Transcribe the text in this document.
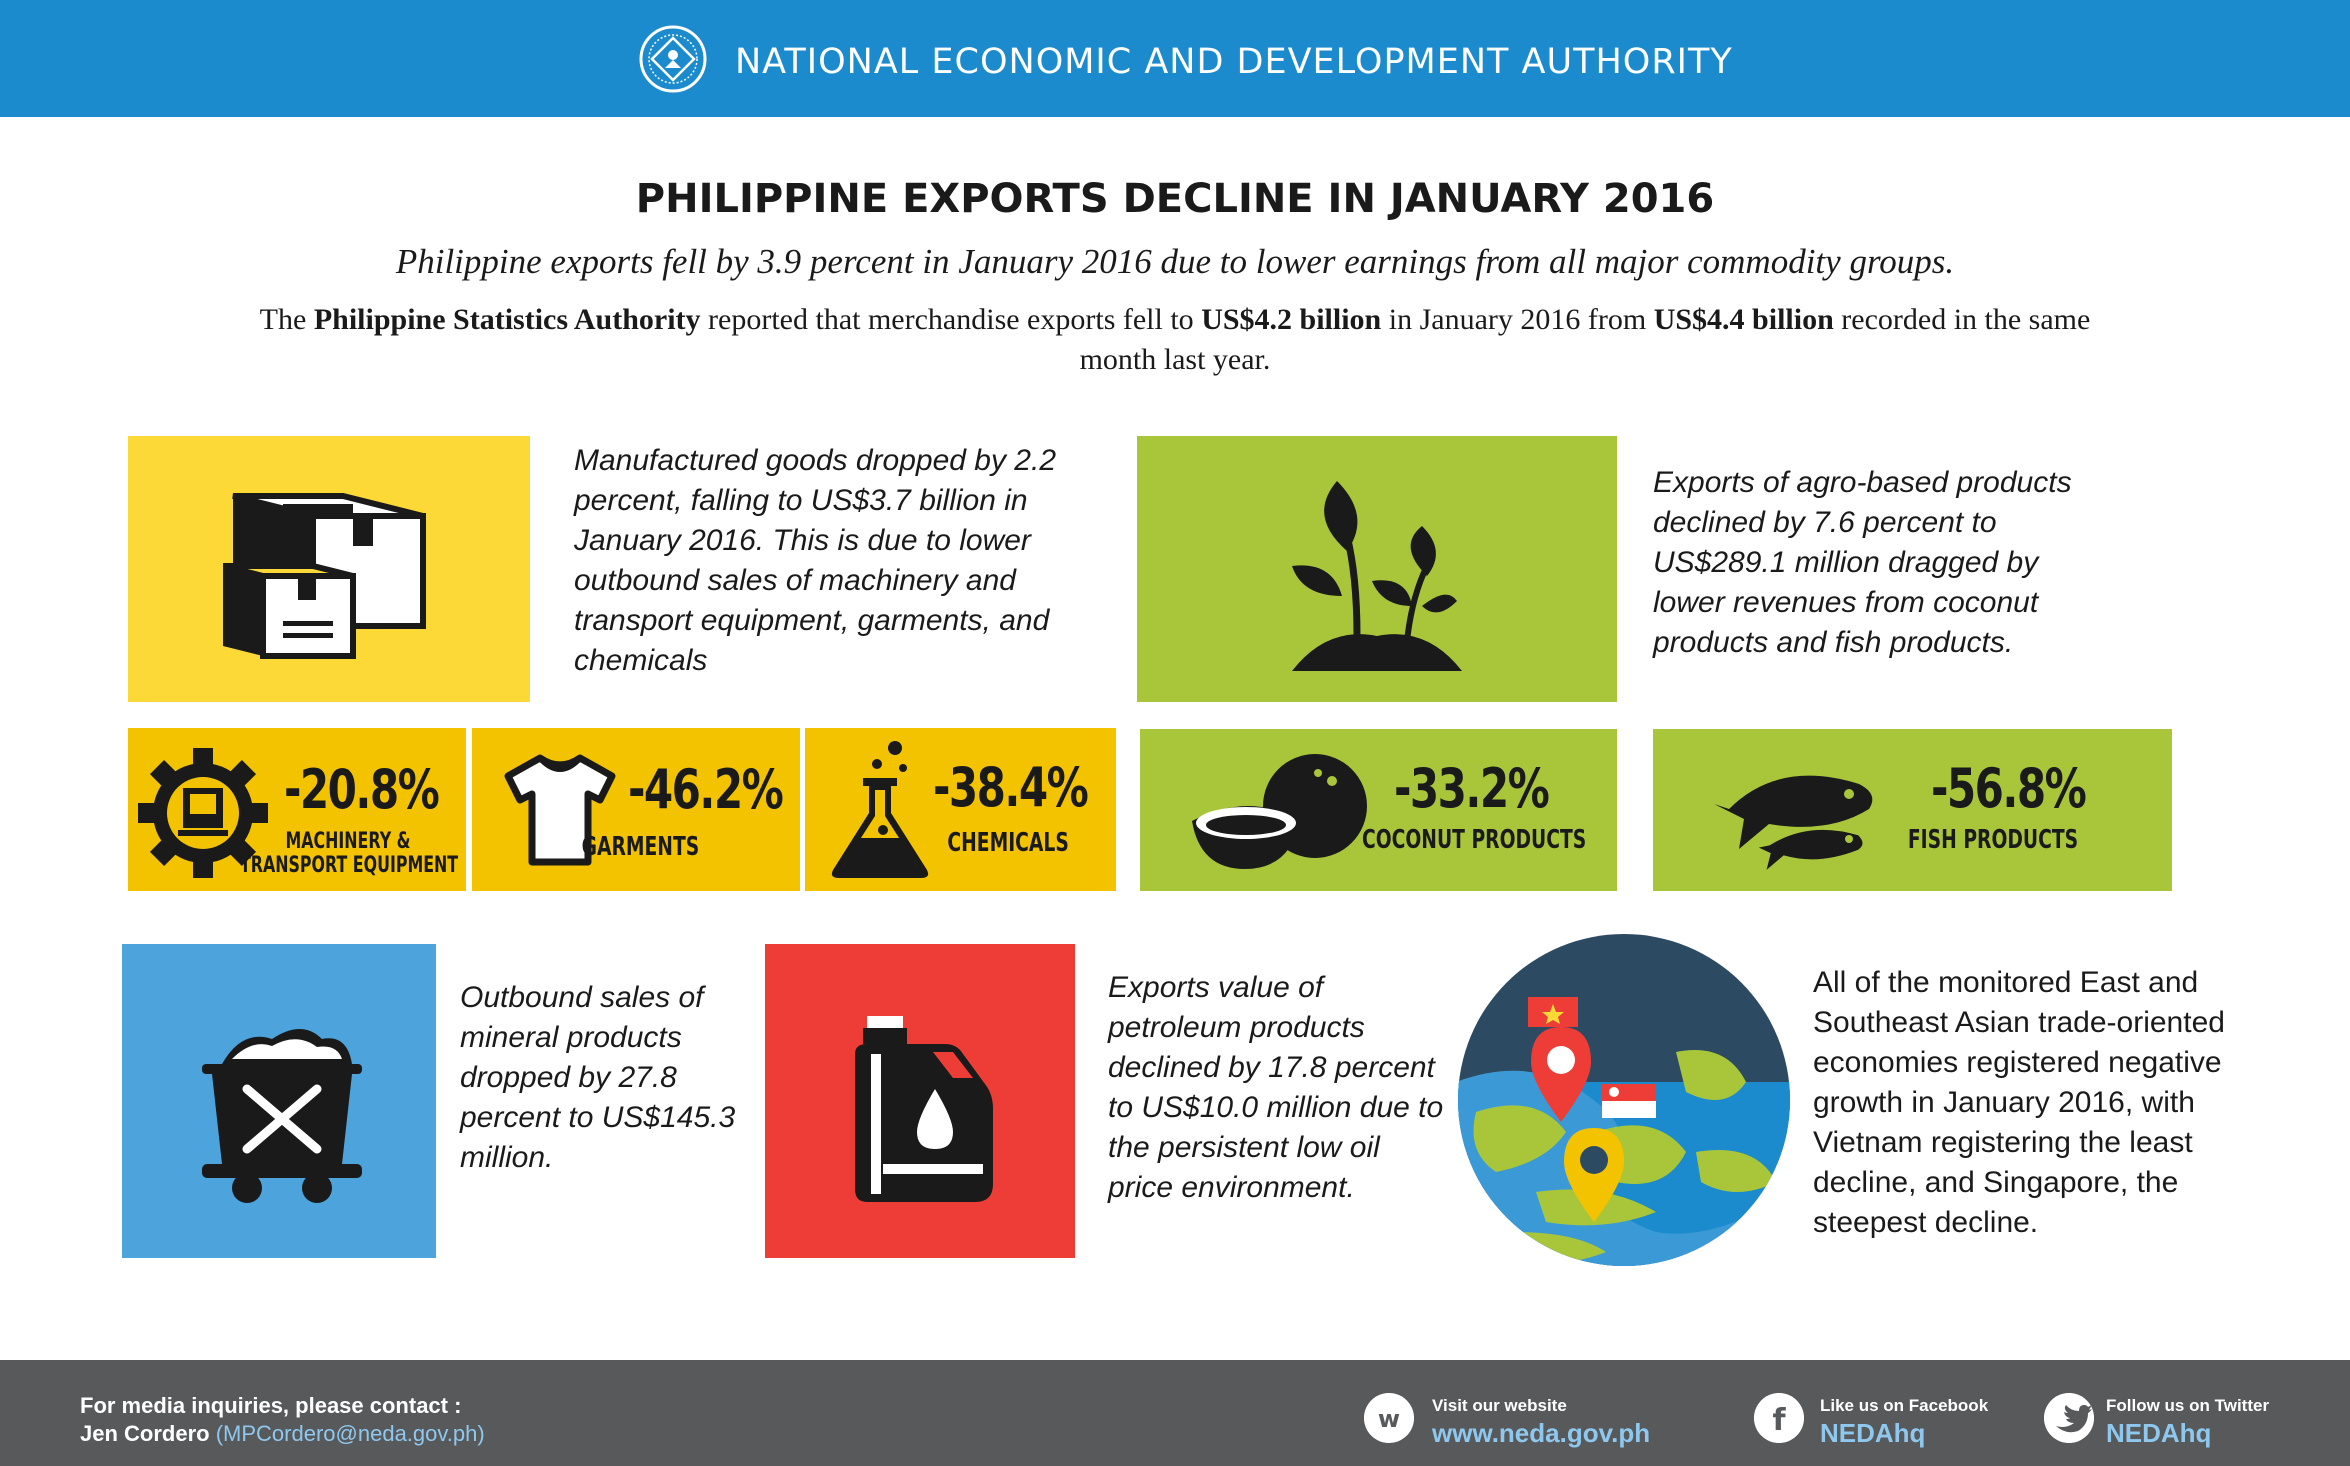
NATIONAL ECONOMIC AND DEVELOPMENT AUTHORITY
PHILIPPINE EXPORTS DECLINE IN JANUARY 2016
Philippine exports fell by 3.9 percent in January 2016 due to lower earnings from all major commodity groups.
The Philippine Statistics Authority reported that merchandise exports fell to US$4.2 billion in January 2016 from US$4.4 billion recorded in the same month last year.
Manufactured goods dropped by 2.2 percent, falling to US$3.7 billion in January 2016. This is due to lower outbound sales of machinery and transport equipment, garments, and chemicals
Exports of agro-based products declined by 7.6 percent to US$289.1 million dragged by lower revenues from coconut products and fish products.
-20.8%
MACHINERY &
TRANSPORT EQUIPMENT
-46.2%
GARMENTS
-38.4%
CHEMICALS
-33.2%
COCONUT PRODUCTS
-56.8%
FISH PRODUCTS
Outbound sales of mineral products dropped by 27.8 percent to US$145.3 million.
Exports value of petroleum products declined by 17.8 percent to US$10.0 million due to the persistent low oil price environment.
All of the monitored East and Southeast Asian trade-oriented economies registered negative growth in January 2016, with Vietnam registering the least decline, and Singapore, the steepest decline.
For media inquiries, please contact :
Jen Cordero (MPCordero@neda.gov.ph)
w Visit our website
www.neda.gov.ph	f Like us on Facebook
NEDAhq
Follow us on Twitter
NEDAhq
